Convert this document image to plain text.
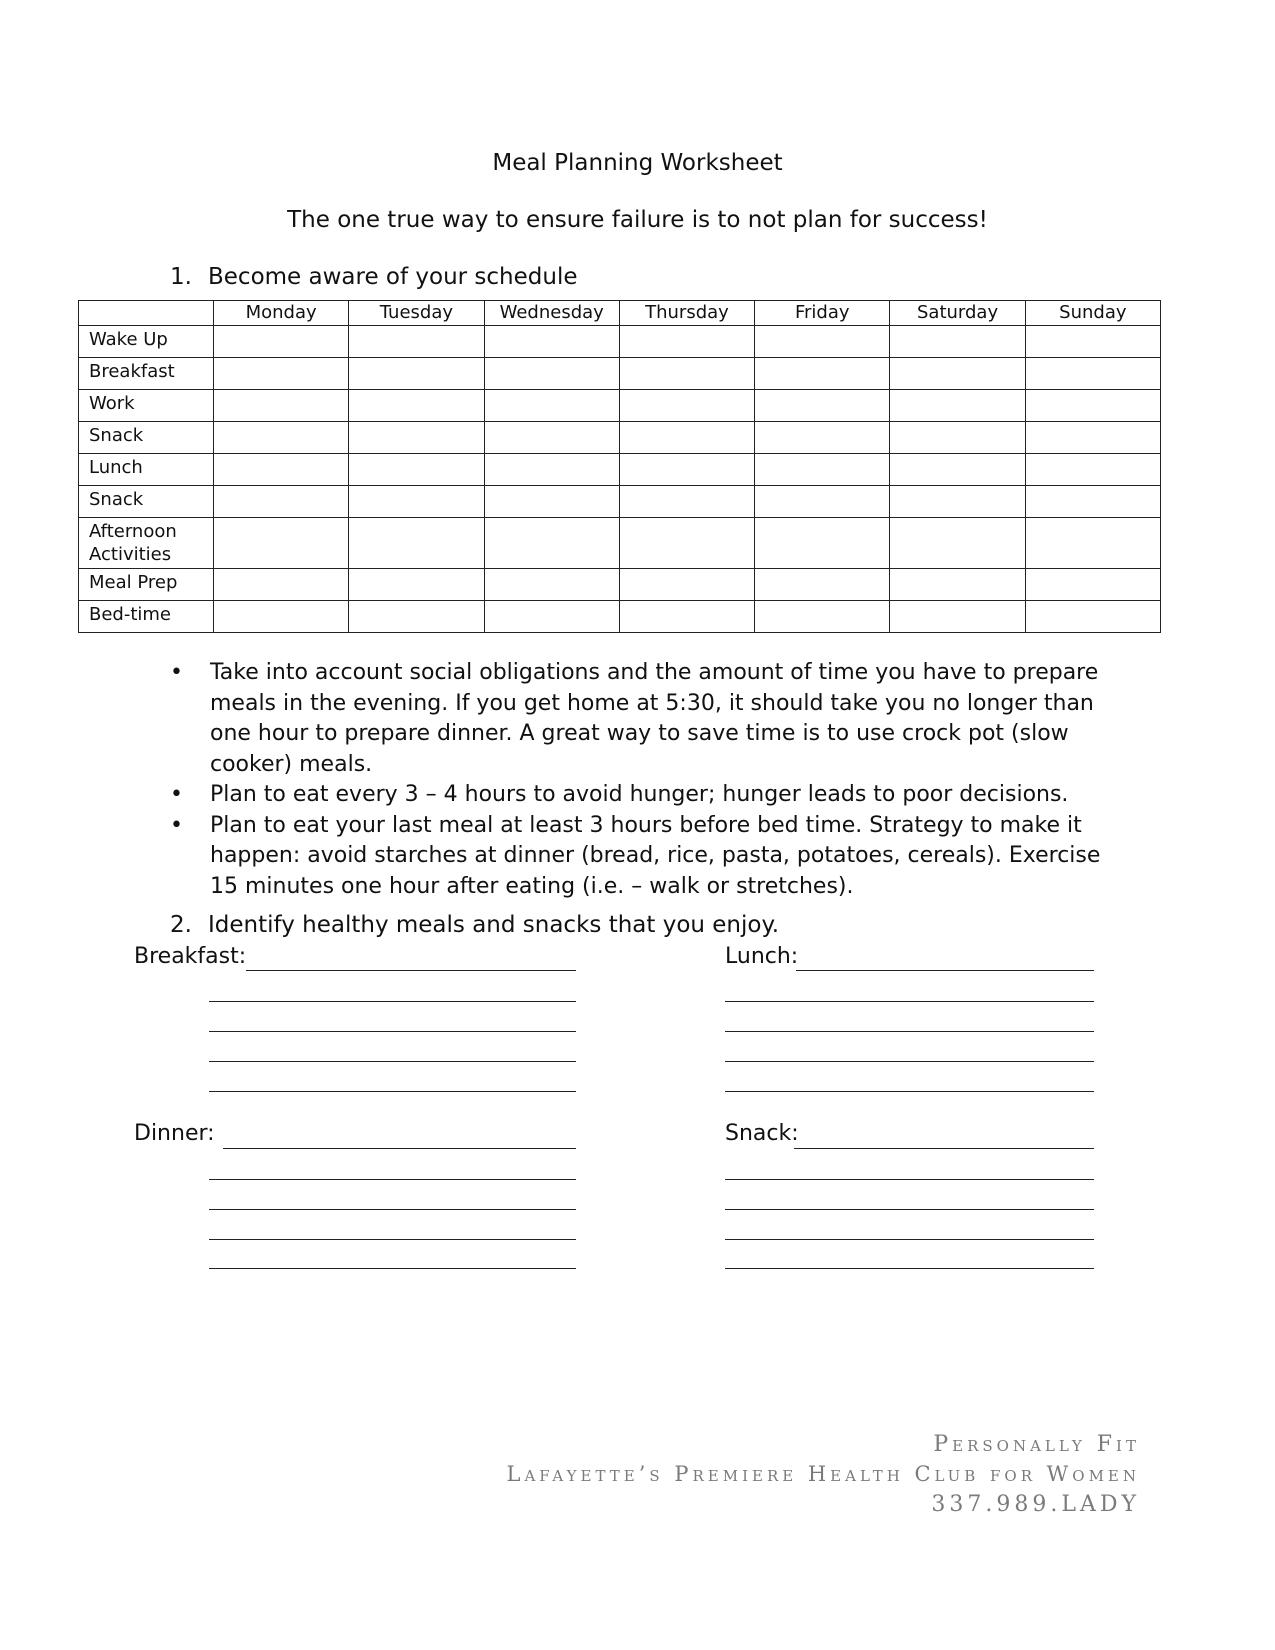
Meal Planning Worksheet
The one true way to ensure failure is to not plan for success!
1. Become aware of your schedule
	Monday	Tuesday	Wednesday	Thursday	Friday	Saturday	Sunday
Wake Up							
Breakfast							
Work							
Snack							
Lunch							
Snack							
Afternoon Activities							
Meal Prep							
Bed-time							
• Take into account social obligations and the amount of time you have to prepare meals in the evening. If you get home at 5:30, it should take you no longer than one hour to prepare dinner. A great way to save time is to use crock pot (slow cooker) meals.
• Plan to eat every 3 – 4 hours to avoid hunger; hunger leads to poor decisions.
• Plan to eat your last meal at least 3 hours before bed time. Strategy to make it happen: avoid starches at dinner (bread, rice, pasta, potatoes, cereals). Exercise 15 minutes one hour after eating (i.e. – walk or stretches).
2. Identify healthy meals and snacks that you enjoy.
Breakfast:	Lunch:
Dinner:	Snack:
Personally Fit
Lafayette’s Premiere Health Club for Women
337.989.LADY
